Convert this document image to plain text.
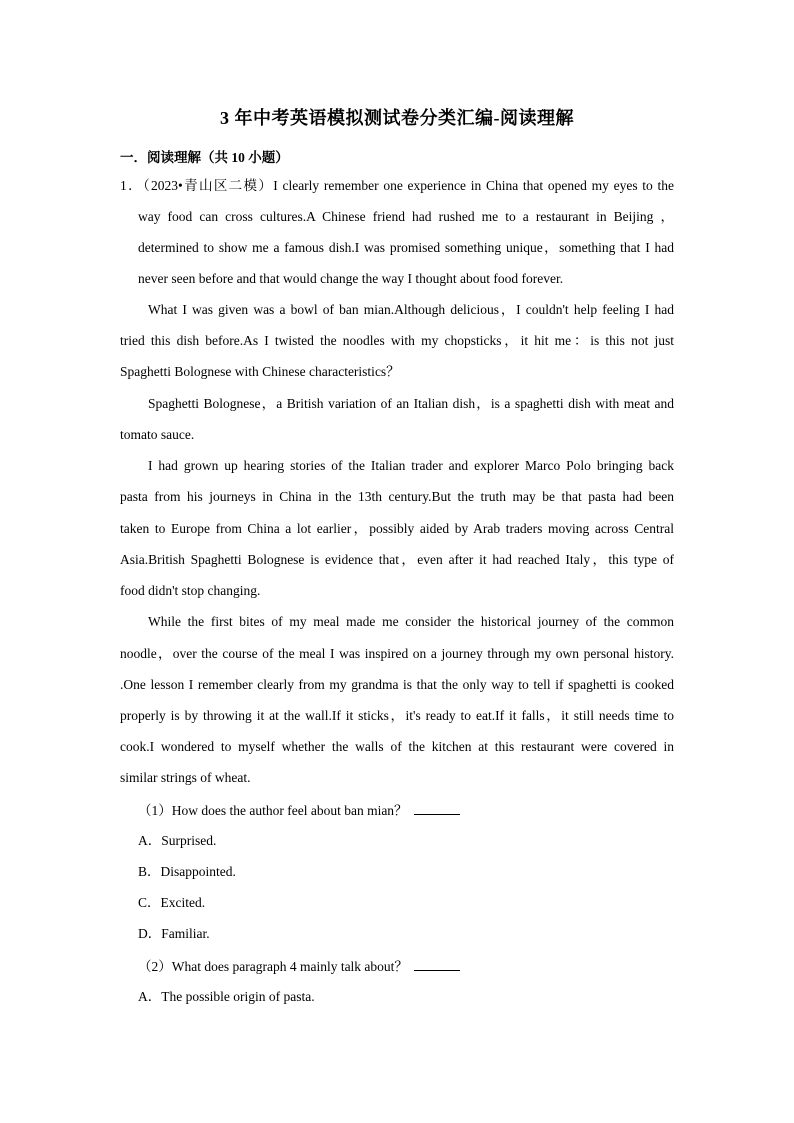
3 年中考英语模拟测试卷分类汇编-阅读理解
一．阅读理解（共 10 小题）
1．（2023•青山区二模）I clearly remember one experience in China that opened my eyes to the
way food can cross cultures.A Chinese friend had rushed me to a restaurant in Beijing ，
determined to show me a famous dish.I was promised something unique，something that I had
never seen before and that would change the way I thought about food forever.
What I was given was a bowl of ban mian.Although delicious，I couldn't help feeling I had
tried this dish before.As I twisted the noodles with my chopsticks，it hit me：is this not just
Spaghetti Bolognese with Chinese characteristics？
Spaghetti Bolognese，a British variation of an Italian dish，is a spaghetti dish with meat and
tomato sauce.
I had grown up hearing stories of the Italian trader and explorer Marco Polo bringing back
pasta from his journeys in China in the 13th century.But the truth may be that pasta had been
taken to Europe from China a lot earlier，possibly aided by Arab traders moving across Central
Asia.British Spaghetti Bolognese is evidence that，even after it had reached Italy，this type of
food didn't stop changing.
While the first bites of my meal made me consider the historical journey of the common
noodle，over the course of the meal I was inspired on a journey through my own personal history.
.One lesson I remember clearly from my grandma is that the only way to tell if spaghetti is cooked
properly is by throwing it at the wall.If it sticks，it's ready to eat.If it falls，it still needs time to
cook.I wondered to myself whether the walls of the kitchen at this restaurant were covered in
similar strings of wheat.
（1）How does the author feel about ban mian？
A．Surprised.
B．Disappointed.
C．Excited.
D．Familiar.
（2）What does paragraph 4 mainly talk about？
A．The possible origin of pasta.
